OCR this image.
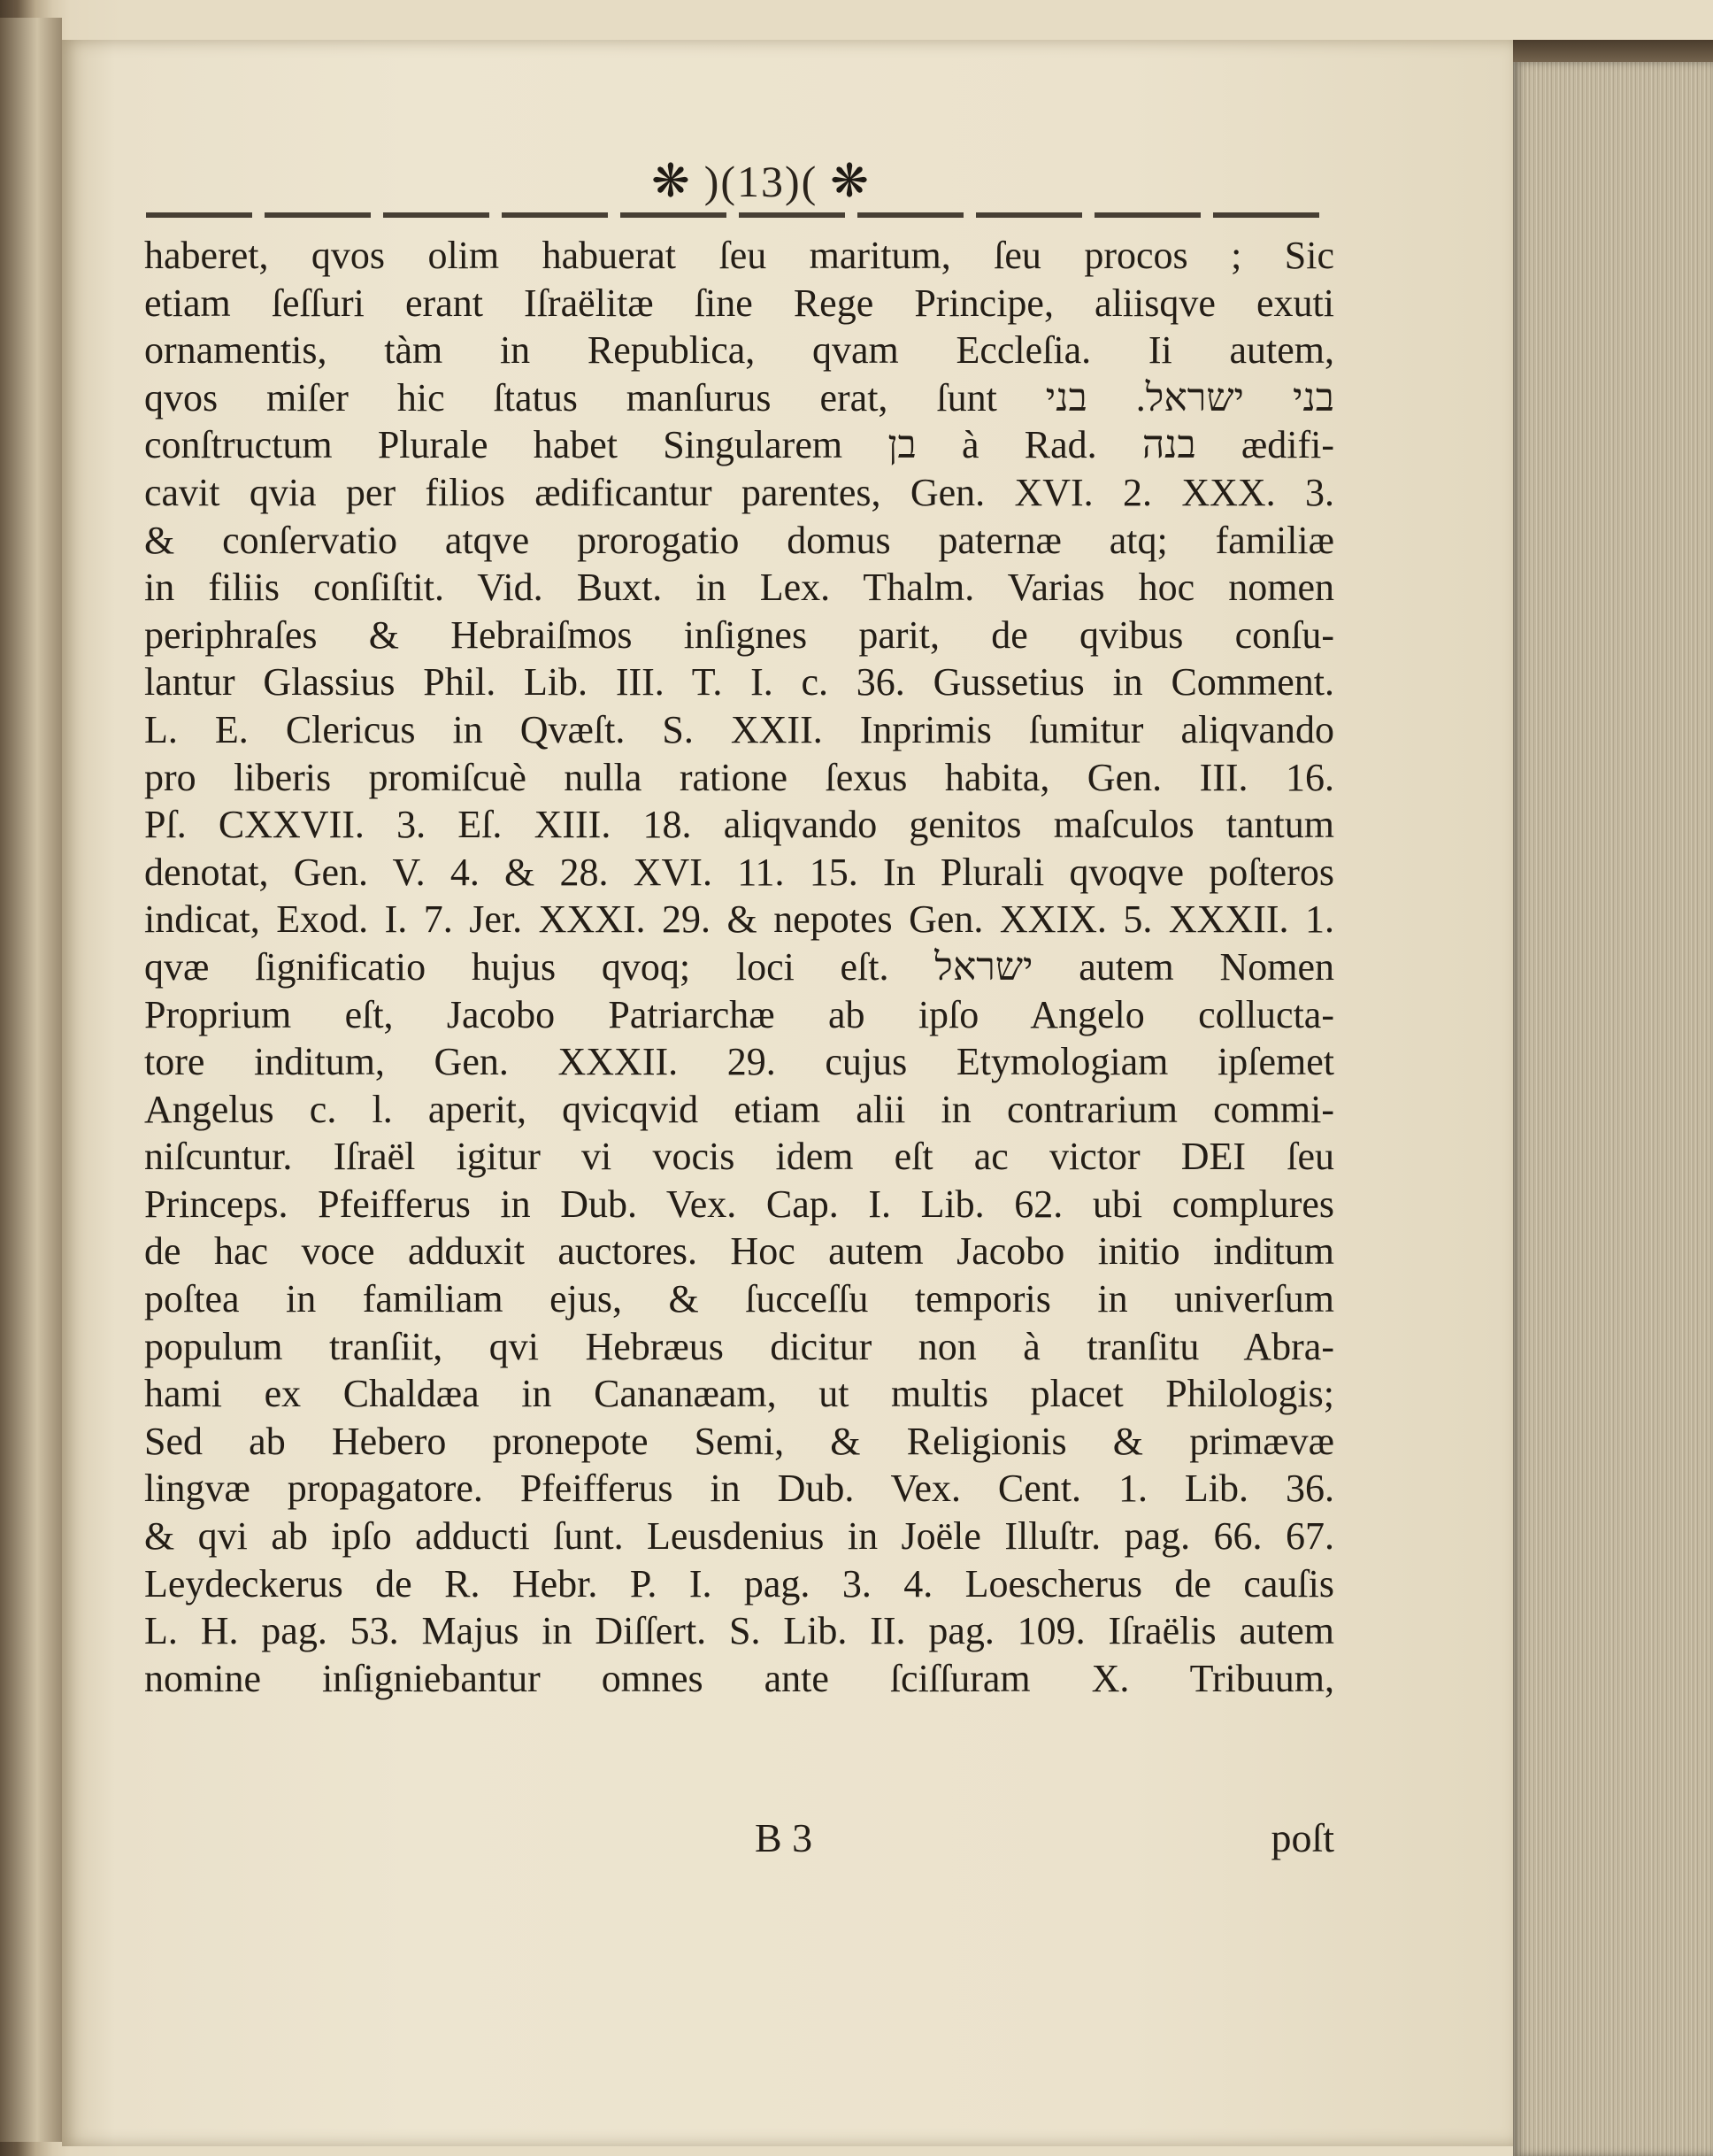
❋ )(13)( ❋
haberet, qvos olim habuerat ſeu maritum, ſeu procos ; Sic
etiam ſeſſuri erant Iſraëlitæ ſine Rege Principe, aliisqve exuti
ornamentis, tàm in Republica, qvam Eccleſia. Ii autem,
qvos miſer hic ſtatus manſurus erat, ſunt בני ישראל. בני
conſtructum Plurale habet Singularem בן à Rad. בנה ædifi-
cavit qvia per filios ædificantur parentes, Gen. XVI. 2. XXX. 3.
& conſervatio atqve prorogatio domus paternæ atq; familiæ
in filiis conſiſtit. Vid. Buxt. in Lex. Thalm. Varias hoc nomen
periphraſes & Hebraiſmos inſignes parit, de qvibus conſu-
lantur Glassius Phil. Lib. III. T. I. c. 36. Gussetius in Comment.
L. E. Clericus in Qvæſt. S. XXII. Inprimis ſumitur aliqvando
pro liberis promiſcuè nulla ratione ſexus habita, Gen. III. 16.
Pſ. CXXVII. 3. Eſ. XIII. 18. aliqvando genitos maſculos tantum
denotat, Gen. V. 4. & 28. XVI. 11. 15. In Plurali qvoqve poſteros
indicat, Exod. I. 7. Jer. XXXI. 29. & nepotes Gen. XXIX. 5. XXXII. 1.
qvæ ſignificatio hujus qvoq; loci eſt. ישראל autem Nomen
Proprium eſt, Jacobo Patriarchæ ab ipſo Angelo colluctа-
tore inditum, Gen. XXXII. 29. cujus Etymologiam ipſemet
Angelus c. l. aperit, qvicqvid etiam alii in contrarium commi-
niſcuntur. Iſraël igitur vi vocis idem eſt ac victor DEI ſeu
Princeps. Pfeifferus in Dub. Vex. Cap. I. Lib. 62. ubi complures
de hac voce adduxit auctores. Hoc autem Jacobo initio inditum
poſtea in familiam ejus, & ſucceſſu temporis in univerſum
populum tranſiit, qvi Hebræus dicitur non à tranſitu Abra-
hami ex Chaldæa in Cananæam, ut multis placet Philologis;
Sed ab Hebero pronepote Semi, & Religionis & primævæ
lingvæ propagatore. Pfeifferus in Dub. Vex. Cent. 1. Lib. 36.
& qvi ab ipſo adducti ſunt. Leusdenius in Joële Illuſtr. pag. 66. 67.
Leydeckerus de R. Hebr. P. I. pag. 3. 4. Loescherus de cauſis
L. H. pag. 53. Majus in Diſſert. S. Lib. II. pag. 109. Iſraëlis autem
nomine inſigniebantur omnes ante ſciſſuram X. Tribuum,
B 3	poſt
